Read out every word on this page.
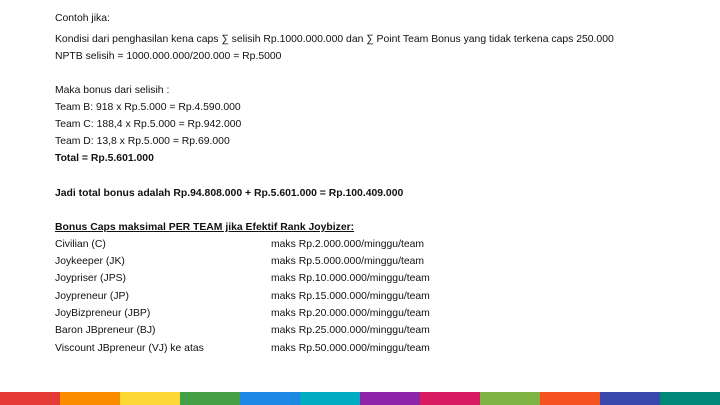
Contoh jika:
Kondisi dari penghasilan kena caps ∑ selisih Rp.1000.000.000 dan ∑ Point Team Bonus yang tidak terkena caps 250.000
NPTB selisih = 1000.000.000/200.000 = Rp.5000
Maka bonus dari selisih :
Team B: 918 x Rp.5.000 = Rp.4.590.000
Team C: 188,4 x Rp.5.000 = Rp.942.000
Team D: 13,8 x Rp.5.000 = Rp.69.000
Total = Rp.5.601.000
Jadi total bonus adalah Rp.94.808.000 + Rp.5.601.000 = Rp.100.409.000
Bonus Caps maksimal PER TEAM jika Efektif Rank Joybizer:
Civilian (C)	maks Rp.2.000.000/minggu/team
Joykeeper (JK)	maks Rp.5.000.000/minggu/team
Joypriser (JPS)	maks Rp.10.000.000/minggu/team
Joypreneur (JP)	maks Rp.15.000.000/minggu/team
JoyBizpreneur (JBP)	maks Rp.20.000.000/minggu/team
Baron JBpreneur (BJ)	maks Rp.25.000.000/minggu/team
Viscount JBpreneur (VJ) ke atas	maks Rp.50.000.000/minggu/team
